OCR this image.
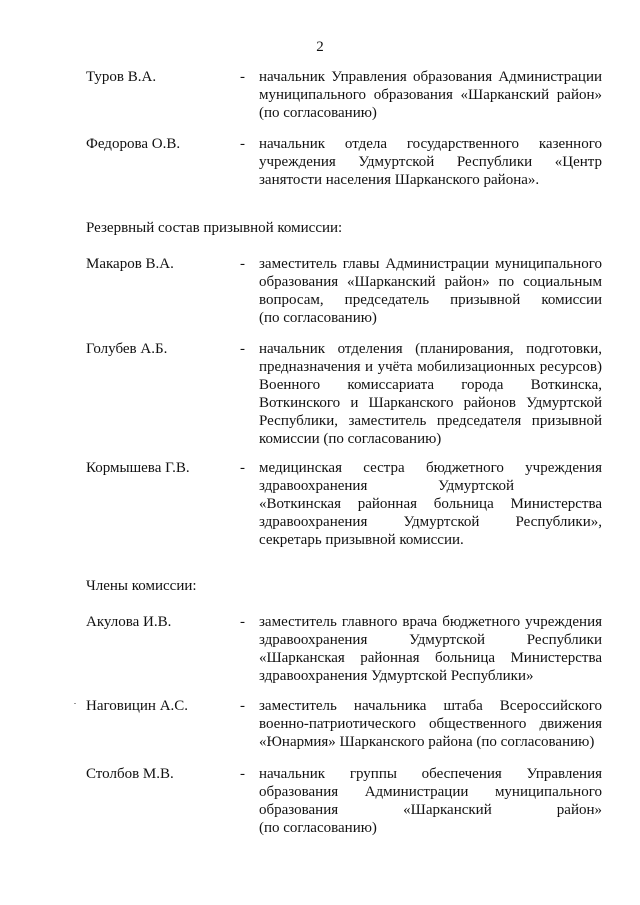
2
Туров В.А.	- начальник Управления образования Администрации
муниципального образования «Шарканский район»
(по согласованию)
Федорова О.В.	- начальник отдела государственного казенного
учреждения Удмуртской Республики «Центр
занятости населения Шарканского района».
Резервный состав призывной комиссии:
Макаров В.А.	- заместитель главы Администрации муниципального
образования «Шарканский район» по социальным
вопросам, председатель призывной комиссии
(по согласованию)
Голубев А.Б.	- начальник отделения (планирования, подготовки,
предназначения и учёта мобилизационных ресурсов)
Военного комиссариата города Воткинска,
Воткинского и Шарканского районов Удмуртской
Республики, заместитель председателя призывной
комиссии (по согласованию)
Кормышева Г.В.	- медицинская сестра бюджетного учреждения
здравоохранения Удмуртской
«Воткинская районная больница Министерства
здравоохранения Удмуртской Республики»,
секретарь призывной комиссии.
Члены комиссии:
Акулова И.В.	- заместитель главного врача бюджетного учреждения
здравоохранения Удмуртской Республики
«Шарканская районная больница Министерства
здравоохранения Удмуртской Республики»
Наговицин А.С.	- заместитель начальника штаба Всероссийского
военно-патриотического общественного движения
«Юнармия» Шарканского района (по согласованию)
Столбов М.В.	- начальник группы обеспечения Управления
образования Администрации муниципального
образования «Шарканский район»
(по согласованию)
